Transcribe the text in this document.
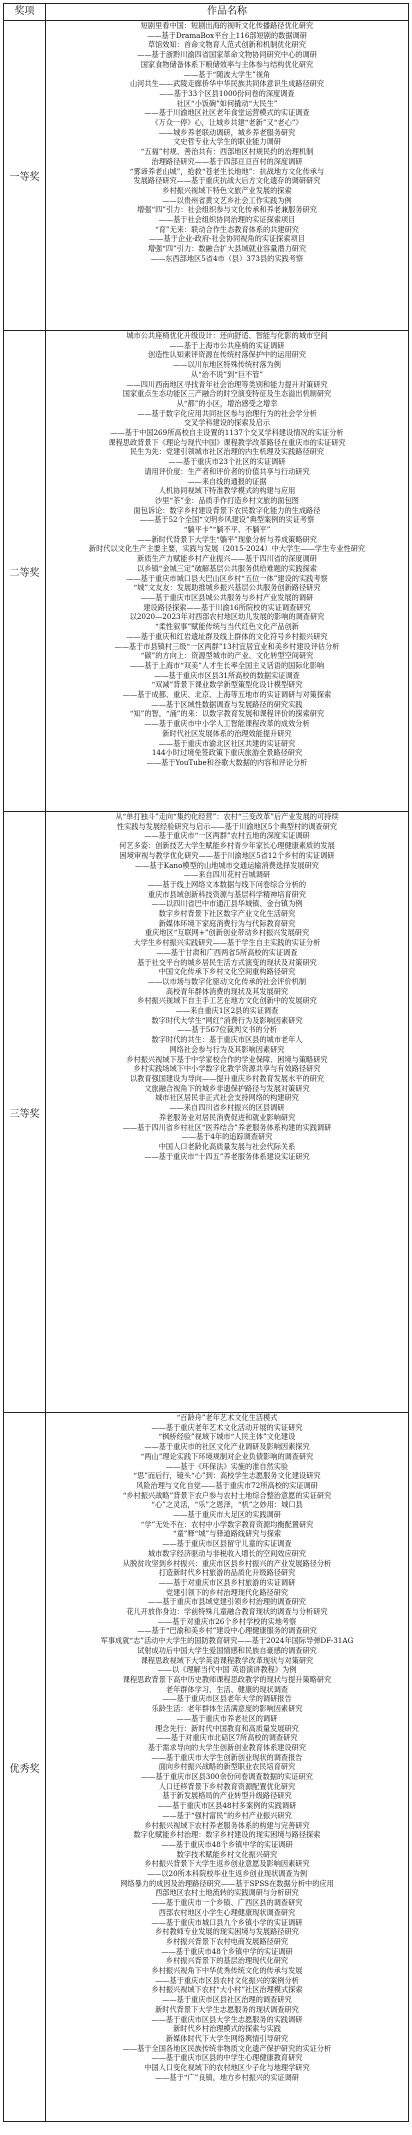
奖项	作品名称
一等奖
短剧里看中国：短剧出海的视听文化传播路径优化研究
——基于DramaBox平台上116部短剧的数据调研
草馆效知：首命文物育人范式创新和机制优化研究
——基于浙黔川渝四省国家革命文物协同研究中心的调研
国家食物储备体系下粮储效率与主体参与结构优化研究
——基于“随波大学生”视角
山河共生——武陵走廊侨华中华民族共同体意识生成路径研究
——基于33个区县1000份问卷的深度调查
社区“小饭碗”如何撬动“大民生”
——基于川渝地区社区老年食堂运营模式的实证调查
《万众一停》心，让城乡共建“老新”又“老心”》
——城乡养老联动调研，城乡养老服务研究
文史哲专业大学生的职业能力调研
“五福”村规、善治共有：西部地区村规民约的治理机制
治理路径研究——基于四部亘亘百村的深度调研
“雾谛养老山城”，抢救“苍老生长地地”：抗战地方文化传承与
发展路径研究——基于重庆抗战大后方文化遗存的调研研究
乡村振兴视域下特色文旅产业发展的探索
——以贵州省黄文艺乡社会工作实践为例
增强“四”引力：社会组织参与文化传承和养老兼服务研究
——基于社会组织协同治理的实证探索项目
“育”无来：联动合作生态教育体系的共建研究
——基于企业-政府-社会协同视角的实证探索项目
增强“四”引力：数融合扩大县域就业容量潜力研究
——东西部地区5省4市（县）373县的实践考察
二等奖
城市公共座椅优化升级设计：还向舒适、智能与化影的城市空间
——基于上海市公共座椅的实证调研
创造性认知素评资源在传统村落保护中的运用研究
——以川东地区特殊传统村落为例
从“治不说”到“巨不管”
——四川西南地区寻找青年社会治理等类别和能力提升对策研究
国家重点生态功能区三产融合的时空演变特征及生态溢出机制研究
从“都”的小区，增治感受之增幸
——基于数字化应用共同社区参与治理行为的社会学分析
交叉学科建设的探索及启示
——基于中国269所高校自主设置的1137个交叉学科建设情况的实证分析
课程思政背景下《理论与现代中国》课程教学改革路径在重庆市的实证研究
民生为先：党建引领城市社区治理的内生机理及实践路径研究
——基于重庆市23个社区的实证调研
请用评价度：生产者和评价者的价值共享与行动研究
——来自线的通报的证据
人机协同视域下特准教学模式的构建与应用
沙里“茶”金：品质手作打造乡村文旅的面包图
面包诉论：数字乡村建设背景下农民数字化能力的生成路径
——基于52个全国“文明乡风建设”典型案例的实证考察
“躺平卡”“躺不平、不躺平”
——新时代背景下大学生“躺平”现象分析与养成策略研究
新时代以文化生产主要主要，实践与发展（2015-2024）中大学生——学生专业性研究
新质生产力赋能乡村产业振兴——基于四川省的深度调研
以乡镇“金城三定”破解基层公共服务供给难题的实践探索
——基于重庆市城口县大巴山区乡村“五位一体”建设的实践考察
“城”文友友：发展助推城乡振兴基层公共服务创新路径研究
——基于重庆市区县城公共服务与乡村产业发展的调研
建设路径探索——基于川渝16所院校的实证调查研究
以2020—2023年对西部农村地区幼儿发展的影响的调查研究
“柔性叙事”赋能传统与当代红色文化产品创新
——基于重庆和红岩遗址群及线上群体的文化符号乡村振兴研究
——基于市县镇村三级“一区两群”13村宜居宜业和美乡村建设评估分析
“碳”的方向上：资源型城市的产业、文化转型空间研究
——基于上海市“双美”人才生长率全国主义话语的国际化影响
——基于重庆市区县31所高校的数据实证调查
“双减”背景下课业数学新型策型化设计模型研究
——基于成都、重庆、北京、上海等五地市的实证调研与对策探索
——基于区域性数据调查与发展路径的研究实践
“知”的智，“涌”的来：以数字教育发展和课程评价的探索研究
——基于重庆市中小学人工智能课程改革的成效分析
新时代社区发展体系的治理效能提升研究
——基于重庆市渝北区社区共建的实证研究
144小时过境免签政策下重庆旅游全景路径研究
——基于YouTube和谷歌大数据的内容和评论分析
三等奖
从“单打独斗”走向“集约化经营”：农村“三变改革”后产业发展的可持续
性实践与发展经验研究与启示——基于川渝地区5个典型村的调查研究
——基于重庆市“一区两群”农村五地的深度实证调研
何艺多姿：创新技艺大学生赋能乡村青少年家长心理健康素质的发展
困境审视与教学优化研究——基于川渝地区5省12个乡村的实证调研
——基于Kano模型的山地城市交通运输消费选择发展研究
——来自四川花村百城调研
——基于线上网络文本数据与线下问卷综合分析的
重庆市县域创新科技资源与基层科学精神培育研究
——以四川省巴中市通江县华城镇、金台镇为例
数字乡村背景下社区数字产业文化生活研究
新媒体环境下家庭消费行为与代际教育研究
重庆地区“互联网+”创新创业带动乡村振兴发展研究
大学生乡村振兴实践研究——基于学生自主实践的实证分析
——基于甘肃和广西两省5所高校的实证调查
基于社交平台的城乡居民生活方式演变的现状及对策研究
中国文化传承下乡村文化空间重构路径研究
——以市场与数字化驱动文化传承的社会评价机制
高校青年群体消费的现状及其发展研究
乡村振兴视域下自主手工艺在地方文化创新中的发展研究
——来自重庆1区2县的实证调查
数字时代大学生“网红”消费行为及影响因素研究
——基于567位裁判文书的分析
数字时代的共生：基于重庆市区县的城市老年人
网络社会参与行为及其影响因素研究
乡村振兴视域下基于中学家校合作的学业保障、困境与策略研究
乡村实践场域下中小学数字化教学资源共享与有效路径研究
以教育强国建设为导向——提升重庆乡村教育发展水平的研究
文旅融合视角下的城乡非遗保护路径与发展对策研究
城市社区居民非正式社会支持网络的构建研究
——来自四川省乡村振兴的区县调研
养老服务业对居民消费促进和就业影响研究
——基于四川省乡村社区“医养结合”养老服务体系构建的实践调研
——基于4年的追踪调查研究
中国人口老龄化高质量发展与社会代际关系
——基于重庆市“十四五”养老服务体系建设实证研究
优秀奖
“百龄舟”老年艺术文化生活模式
——基于重庆老年艺术文化活动开展的实证研究
“枫桥经验”视域下城市“人民主体”文化建设
——基于重庆市的社区文化产业调研及影响因素探究
“两山”理论实践下环境规制对企业负债影响的调查研究
——基于《环保法》实施的准自然实验
“思”而后行，镜头“心”到：高校学生志愿服务文化建设研究
风险治理与文化自觉——基于重庆市72所高校的实证调研
“乡村振兴战略”背景下农户参与农村土地综合整治意愿的实证研究
“心”之灵活，“乐”之恩泽，“机”之妙用：城口县
——基于重庆市大足区的实践调研
“学”无处不在：农村中小学数字教育资源均衡配置研究
“童”释“城”与驿道路线研究与探索
——基于重庆市区县留守儿童的实证调查
城市数字经济驱动与非税收入增长的空间效应研究
从脱贫攻坚到乡村振兴：重庆市区县乡村振兴的产业发展路径分析
打造新时代乡村旅游的品质化升级路径研究
——基于对重庆市区县乡村旅游的实证调研
党建引领下的乡村治理现代化路径研究
——基于重庆市县域党建引领乡村治理的调查研究
花儿开放你身边：学前特殊儿童融合教育现状的调查与分析研究
——基于对重庆市26个乡村学校的实地考察
——基于“巴渝和美乡村”建设中心理健康服务的调查研究
军事成就“志”活动中大学生的国防教育研究——基于2024年国际导弹DF-31AG
试射成功后中国大学生爱国情感和民族自豪感的调查研究
课程思政视域下大学英语课程教学改革现状与对策研究
——以《理解当代中国 英语演讲教程》为例
课程思政背景下高中历史教师课程思政教学的现状与提升策略研究
老年群体学习、生活、健康的现状调查
——基于重庆市区县老年大学的调研报告
乐龄生活：老年群体生活满意度的影响因素研究
——基于重庆市养老社区的调研
理念先行：新时代中国教育和高质量发展研究
——基于对重庆市北碚区7所高校的调查研究
基于需求导向的大学生创新创业教育体系建设研究
——基于重庆市大学生创新创业现状的调查报告
面向乡村振兴战略的新型职业农民培育研究
——基于重庆市区县300余份问卷调查数据的实证研究
人口迁移背景下乡村教育资源配置优化研究
基于新发展格局的产业转型升级路径研究
——基于重庆市区县48村多案例的实践调研
——基于“强村富民”的乡村产业振兴研究
乡村振兴视域下农村养老服务体系的构建与完善研究
数字化赋能乡村治理：数字乡村建设的现实困境与路径探索
——基于重庆市48个乡镇中学的实证调研
数字技术赋能乡村文化振兴研究
乡村振兴背景下大学生返乡创业意愿及影响因素研究
——以20所本科院校毕业生返乡创业现状调查为例
网络暴力的成因及治理路径研究——基于SPSS在数据分析中的应用
西部地区农村土地流转的实践调研与分析研究
——基于重庆市一个乡镇、广西区县的调查研究
西部农村地区小学生心理健康现状调查研究
——基于重庆市城口县九个乡镇小学的实证调研
乡村教师专业发展的现实困境与发展路径研究
乡村振兴背景下农村电商发展路径研究
——基于重庆市48个乡镇中学的实证调研
乡村振兴背景下的基层治理现代化研究
乡村振兴视角下中华优秀传统文化的传承与发展
——基于重庆市区县农村文化振兴的案例分析
乡村振兴视域下农村“大小村”社区治理模式探索
——基于重庆市区县社区治理的调查研究
新时代背景下大学生志愿服务的现状调查研究
——基于重庆市区县大学生志愿服务的实践调研
新时代乡村治理模式的探索与实践
新媒体时代下大学生网络舆情引导研究
——基于全国各地区民族传统非物质文化遗产保护研究的实证分析
——基于重庆市区县的中学生心理健康教育研究
中国人口变化视域下的农村地区少子化与地理学研究
——基于“广”良镇，地方乡村振兴的实证调研
